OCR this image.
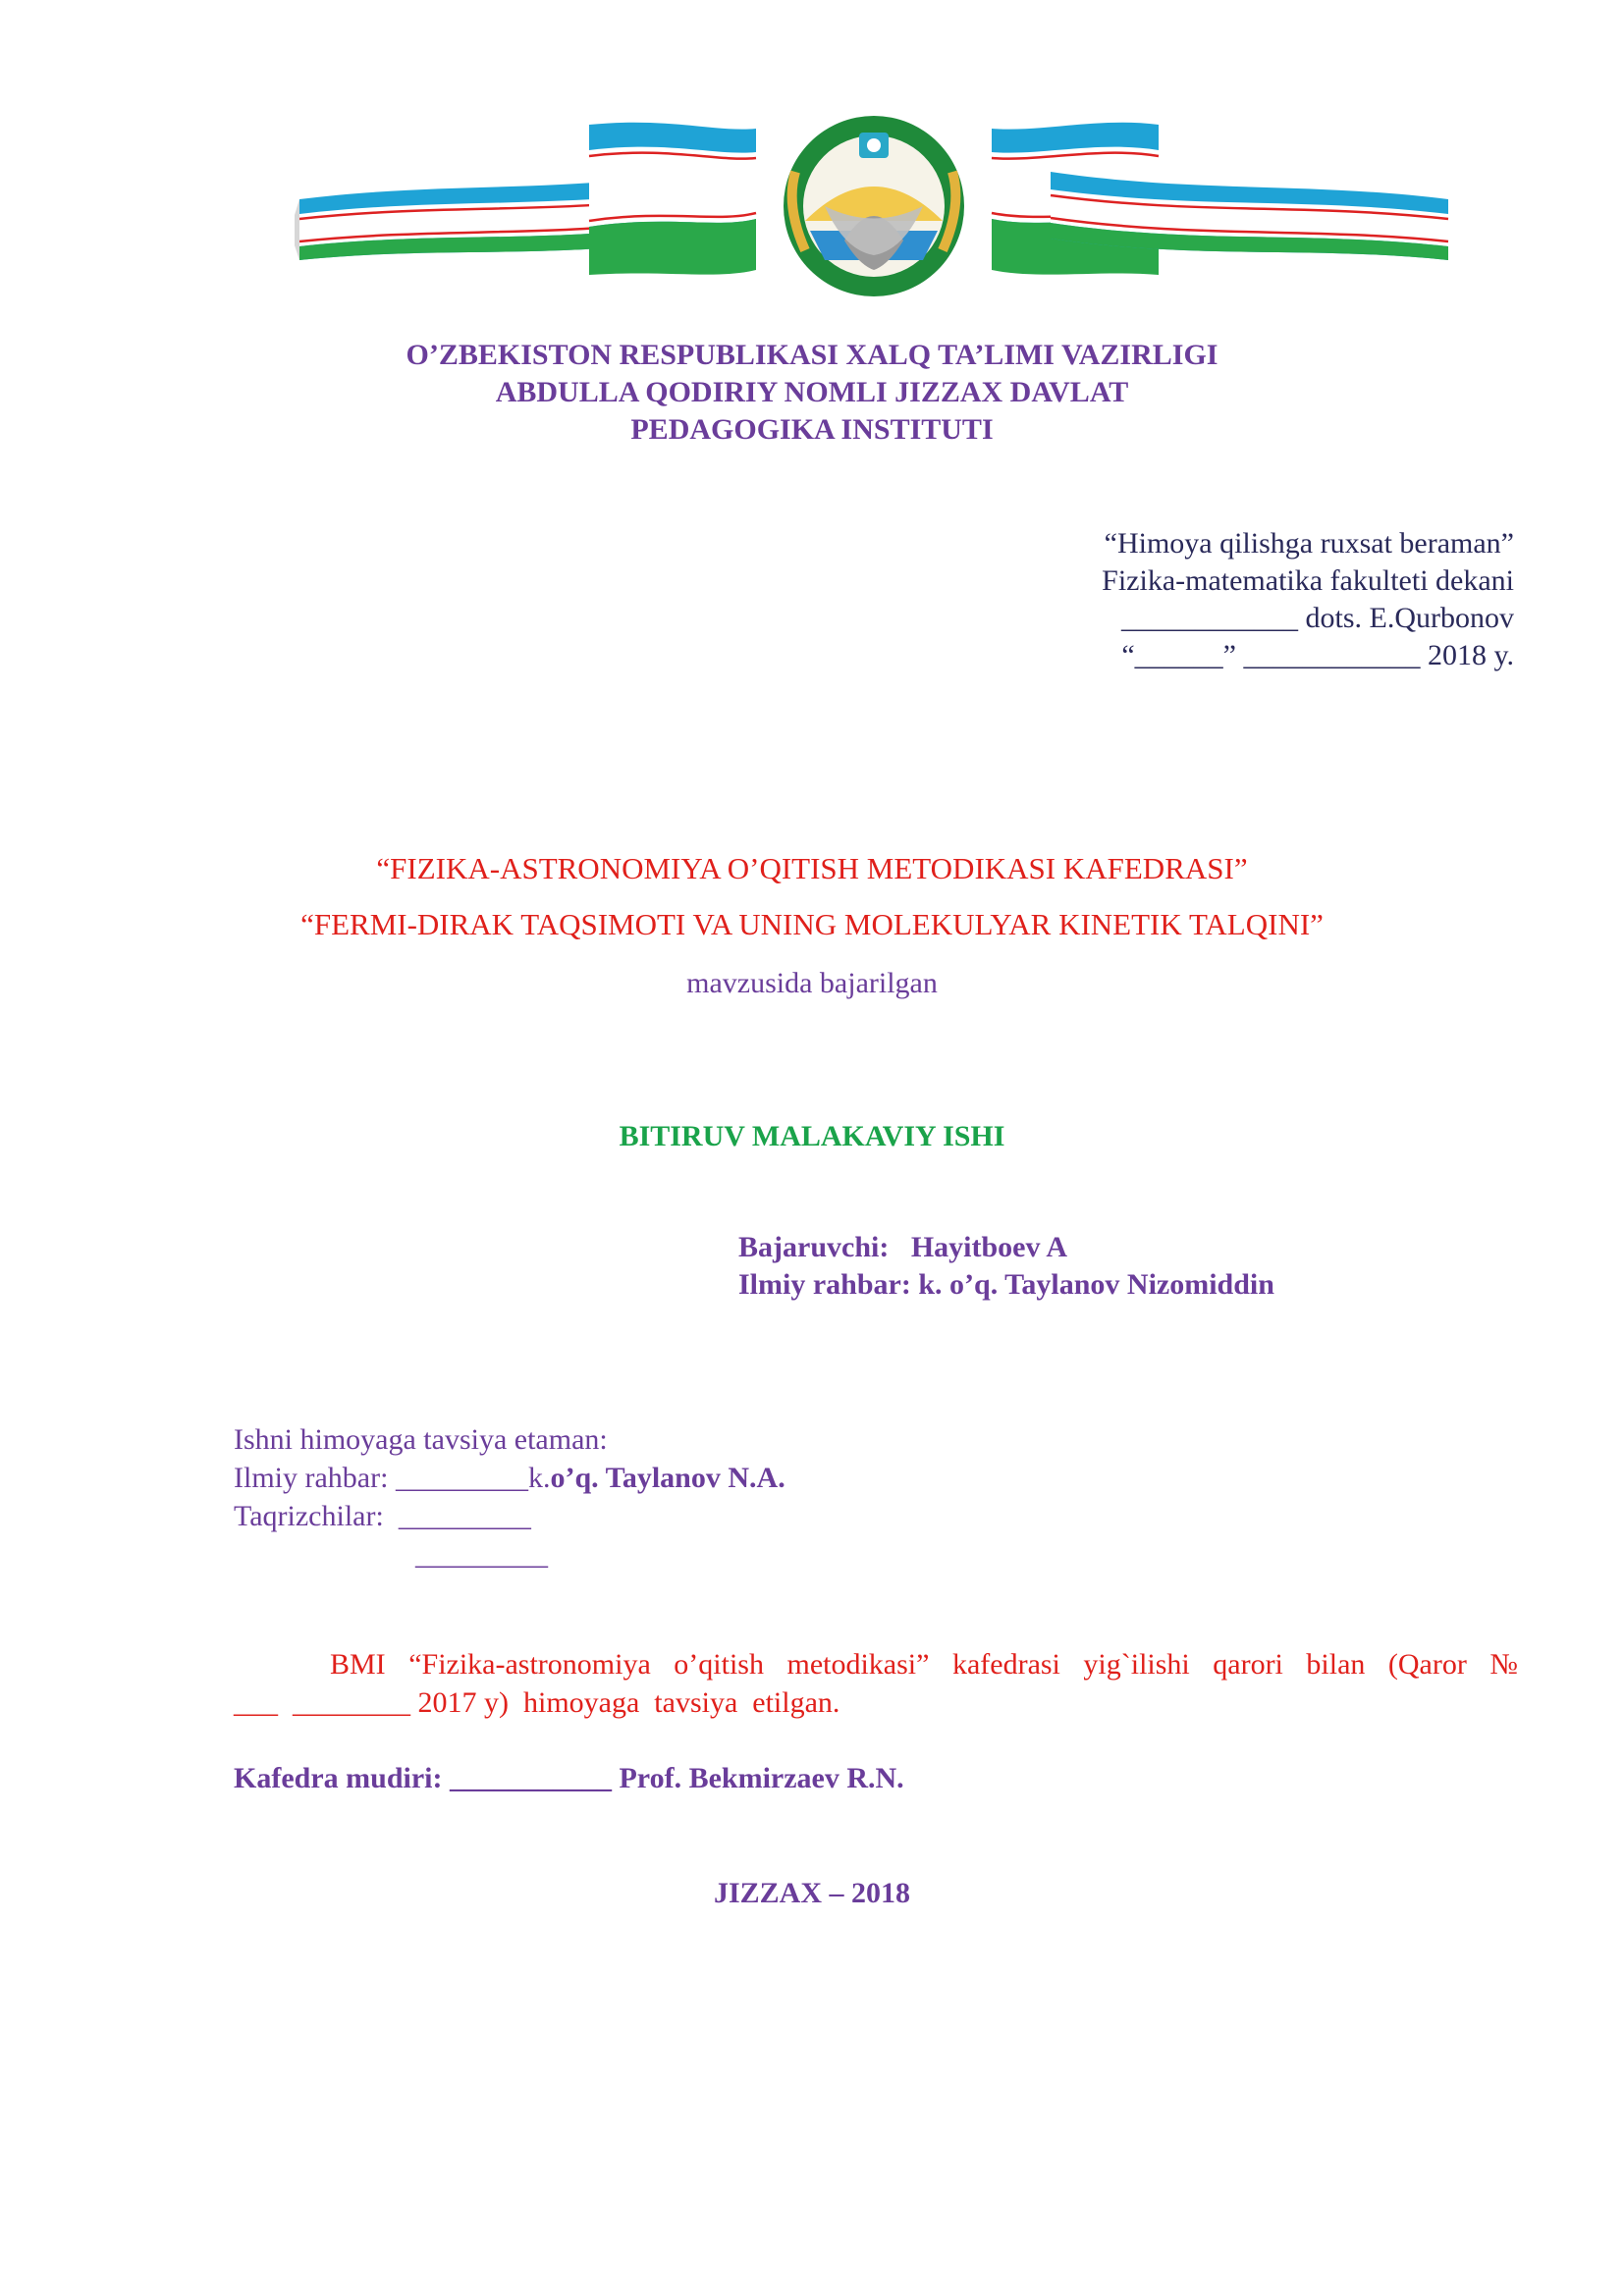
O’ZBEKISTON RESPUBLIKASI XALQ TA’LIMI VAZIRLIGI
ABDULLA QODIRIY NOMLI JIZZAX DAVLAT
PEDAGOGIKA INSTITUTI
“Himoya qilishga ruxsat beraman”
Fizika-matematika fakulteti dekani
____________ dots. E.Qurbonov
“______” ____________ 2018 y.
“FIZIKA-ASTRONOMIYA O’QITISH METODIKASI KAFEDRASI”
“FERMI-DIRAK TAQSIMOTI VA UNING MOLEKULYAR KINETIK TALQINI”
mavzusida bajarilgan
BITIRUV MALAKAVIY ISHI
Bajaruvchi: Hayitboev A
Ilmiy rahbar: k. o’q. Taylanov Nizomiddin
Ishni himoyaga tavsiya etaman:
Ilmiy rahbar: _________k.o’q. Taylanov N.A.
Taqrizchilar:  _________
_________
BMI “Fizika-astronomiya o’qitish metodikasi” kafedrasi yig`ilishi qarori bilan (Qaror №
___  ________ 2017 y)  himoyaga  tavsiya  etilgan.
Kafedra mudiri: ___________ Prof. Bekmirzaev R.N.
JIZZAX – 2018
